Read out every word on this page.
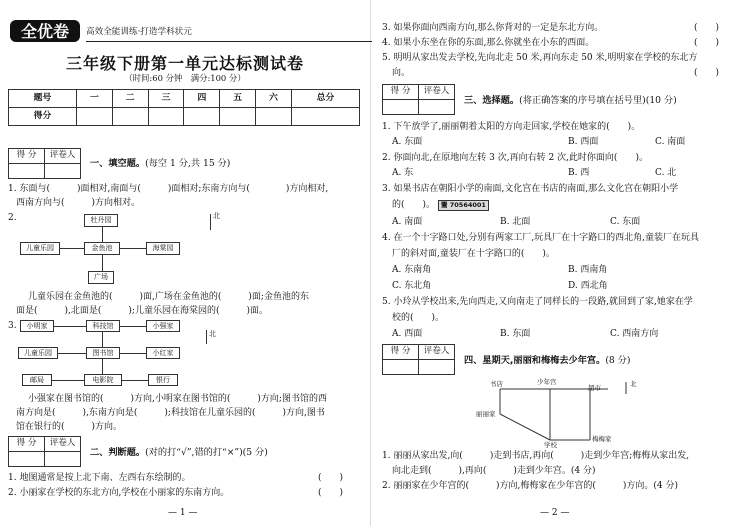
全优卷 高效全能训练·打造学科状元
三年级下册第一单元达标测试卷
（时间:60 分钟　满分:100 分）
题号	一	二	三	四	五	六	总分
得分							
得 分	评卷人

一、填空题。(每空 1 分,共 15 分)
1. 东面与(　　　)面相对,南面与(　　　)面相对;东南方向与(　　　　)方向相对,
西南方向与(　　　)方向相对。
2.	牡丹园
儿童乐园	金鱼池	海棠园
广场
北
儿童乐园在金鱼池的(　　　)面,广场在金鱼池的(　　　)面;金鱼池的东
面是(　　　),北面是(　　　);儿童乐园在海棠园的(　　　)面。
3.	小明家	科技馆	小强家
儿童乐园	图书馆	小红家
邮局	电影院	银行
北
小强家在图书馆的(　　　)方向,小明家在图书馆的(　　　)方向;图书馆的西
南方向是(　　　),东南方向是(　　　);科技馆在儿童乐园的(　　　)方向,图书
馆在银行的(　　　)方向。
得 分	评卷人

二、判断题。(对的打“√”,错的打“×”)(5 分)
1. 地图通常是按上北下南、左西右东绘制的。	(　　)
2. 小丽家在学校的东北方向,学校在小丽家的东南方向。	(　　)
— 1 —
3. 如果你面向西南方向,那么你背对的一定是东北方向。	(　　)
4. 如果小东坐在你的东面,那么你就坐在小东的西面。	(　　)
5. 明明从家出发去学校,先向北走 50 米,再向东走 50 米,明明家在学校的东北方
向。	(　　)
得 分	评卷人

三、选择题。(将正确答案的序号填在括号里)(10 分)
1. 下午放学了,丽丽朝着太阳的方向走回家,学校在她家的(　　)。
A. 东面	B. 西面	C. 南面
2. 你面向北,在原地向左转 3 次,再向右转 2 次,此时你面向(　　)。
A. 东	B. 西	C. 北
3. 如果书店在朝阳小学的南面,文化宫在书店的南面,那么文化宫在朝阳小学
的(　　)。 鬻 70564001
A. 南面	B. 北面	C. 东面
4. 在一个十字路口处,分别有两家工厂,玩具厂在十字路口的西北角,童装厂在玩具
厂的斜对面,童装厂在十字路口的(　　)。
A. 东南角	B. 西南角
C. 东北角	D. 西北角
5. 小玲从学校出来,先向西走,又向南走了同样长的一段路,就回到了家,她家在学
校的(　　)。
A. 西面	B. 东面	C. 西南方向
得 分	评卷人

四、星期天,丽丽和梅梅去少年宫。(8 分)
书店	少年宫
超市	北
丽丽家
学校
梅梅家
1. 丽丽从家出发,向(　　　)走到书店,再向(　　　)走到少年宫;梅梅从家出发,
向北走到(　　　),再向(　　　)走到少年宫。(4 分)
2. 丽丽家在少年宫的(　　　)方向,梅梅家在少年宫的(　　　)方向。(4 分)
— 2 —
